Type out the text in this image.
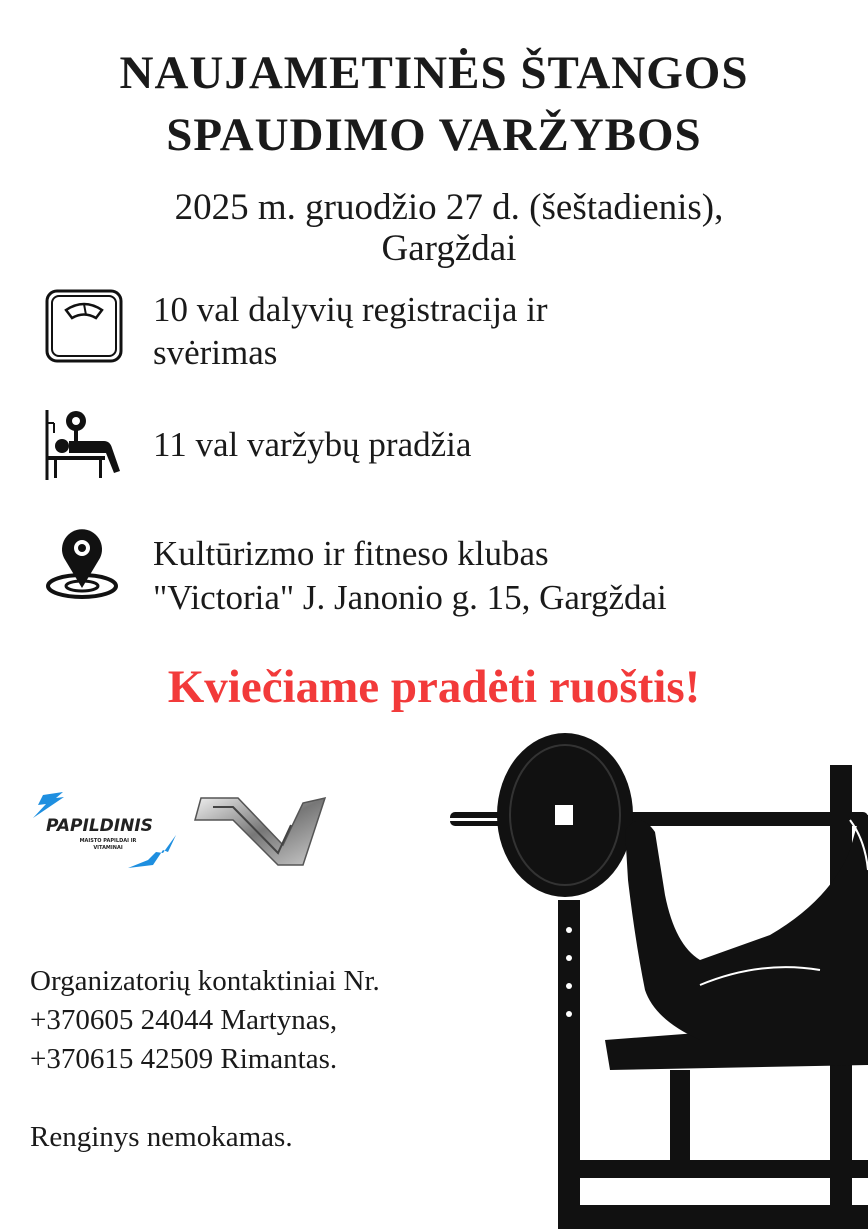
NAUJAMETINĖS ŠTANGOS
SPAUDIMO VARŽYBOS
2025 m. gruodžio 27 d. (šeštadienis),
Gargždai
10 val dalyvių registracija ir
svėrimas
11 val varžybų pradžia
Kultūrizmo ir fitneso klubas
"Victoria" J. Janonio g. 15, Gargždai
Kviečiame pradėti ruoštis!
PAPILDINIS
MAISTO PAPILDAI IR VITAMINAI
Organizatorių kontaktiniai Nr.
+370605 24044 Martynas,
+370615 42509 Rimantas.
Renginys nemokamas.
